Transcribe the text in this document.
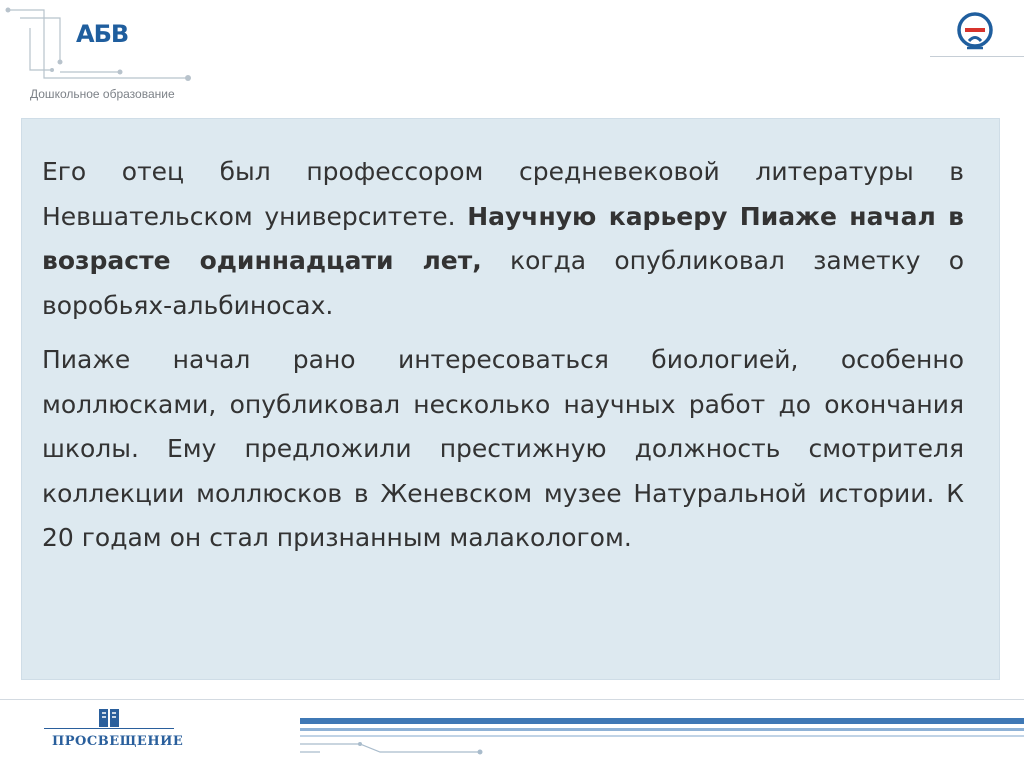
АБВ
Дошкольное образование

Его отец был профессором средневековой литературы в Невшательском университете. Научную карьеру Пиаже начал в возрасте одиннадцати лет, когда опубликовал заметку о воробьях-альбиносах.

Пиаже начал рано интересоваться биологией, особенно моллюсками, опубликовал несколько научных работ до окончания школы. Ему предложили престижную должность смотрителя коллекции моллюсков в Женевском музее Натуральной истории. К 20 годам он стал признанным малакологом.

ПРОСВЕЩЕНИЕ
